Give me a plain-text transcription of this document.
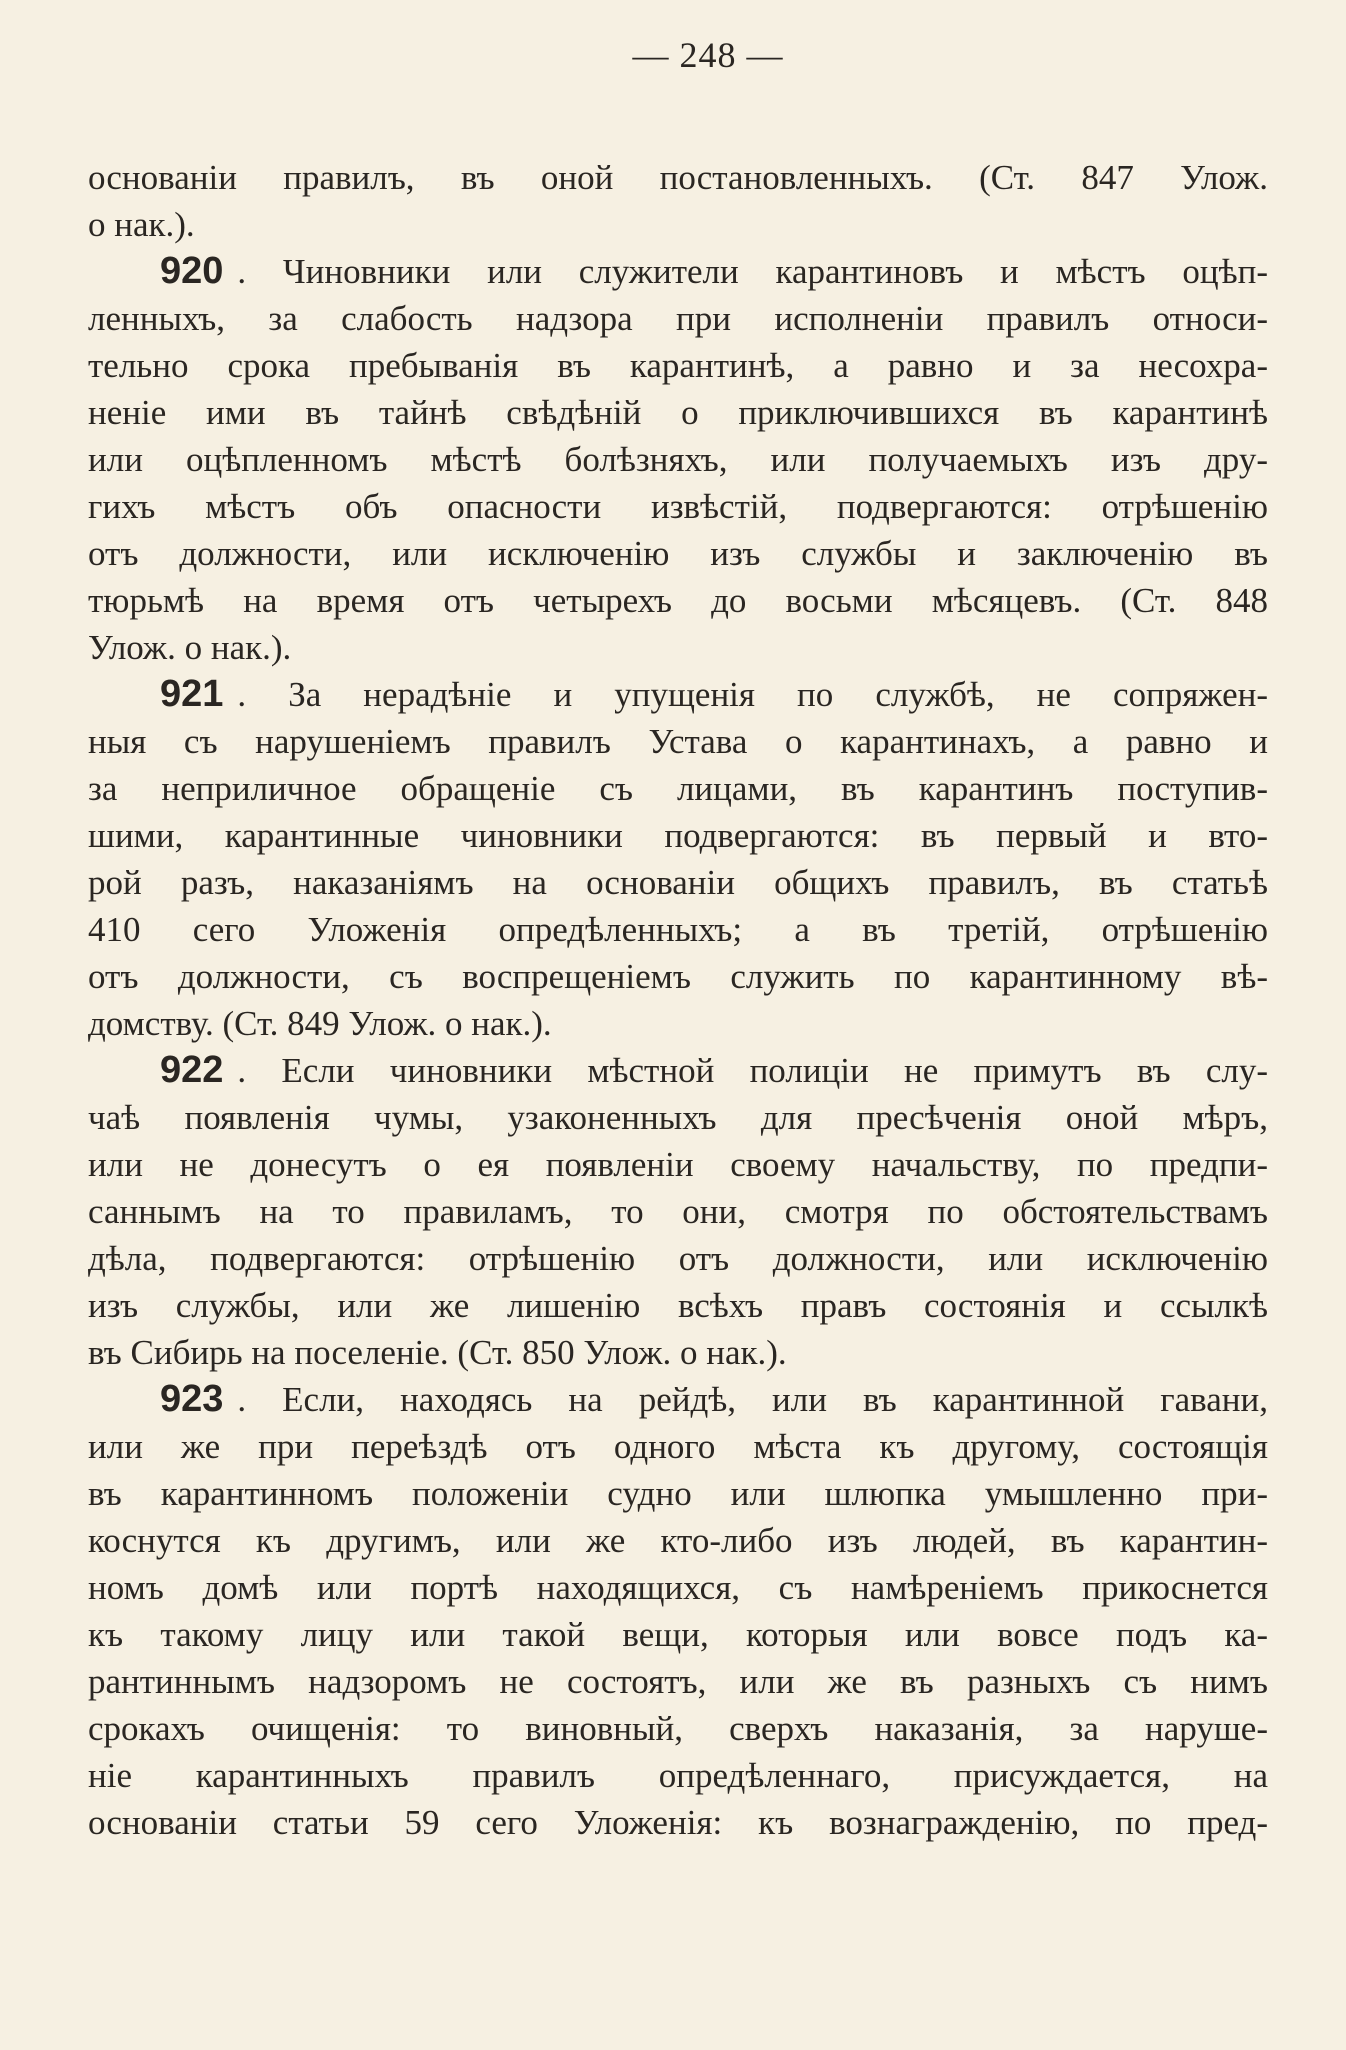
— 248 —
основанiи правилъ, въ оной постановленныхъ. (Ст. 847 Улож.
о нак.).
920 . Чиновники или служители карантиновъ и мѣстъ оцѣп-
ленныхъ, за слабость надзора при исполненiи правилъ относи-
тельно срока пребыванiя въ карантинѣ, а равно и за несохра-
ненiе ими въ тайнѣ свѣдѣнiй о приключившихся въ карантинѣ
или оцѣпленномъ мѣстѣ болѣзняхъ, или получаемыхъ изъ дру-
гихъ мѣстъ объ опасности извѣстiй, подвергаются: отрѣшенiю
отъ должности, или исключенiю изъ службы и заключенiю въ
тюрьмѣ на время отъ четырехъ до восьми мѣсяцевъ. (Ст. 848
Улож. о нак.).
921 . За нерадѣнiе и упущенiя по службѣ, не сопряжен-
ныя съ нарушенiемъ правилъ Устава о карантинахъ, а равно и
за неприличное обращенiе съ лицами, въ карантинъ поступив-
шими, карантинные чиновники подвергаются: въ первый и вто-
рой разъ, наказанiямъ на основанiи общихъ правилъ, въ статьѣ
410 сего Уложенiя опредѣленныхъ; а въ третiй, отрѣшенiю
отъ должности, съ воспрещенiемъ служить по карантинному вѣ-
домству. (Ст. 849 Улож. о нак.).
922 . Если чиновники мѣстной полицiи не примутъ въ слу-
чаѣ появленiя чумы, узаконенныхъ для пресѣченiя оной мѣръ,
или не донесутъ о ея появленiи своему начальству, по предпи-
саннымъ на то правиламъ, то они, смотря по обстоятельствамъ
дѣла, подвергаются: отрѣшенiю отъ должности, или исключенiю
изъ службы, или же лишенiю всѣхъ правъ состоянiя и ссылкѣ
въ Сибирь на поселенiе. (Ст. 850 Улож. о нак.).
923 . Если, находясь на рейдѣ, или въ карантинной гавани,
или же при переѣздѣ отъ одного мѣста къ другому, состоящiя
въ карантинномъ положенiи судно или шлюпка умышленно при-
коснутся къ другимъ, или же кто-либо изъ людей, въ карантин-
номъ домѣ или портѣ находящихся, съ намѣренiемъ прикоснется
къ такому лицу или такой вещи, которыя или вовсе подъ ка-
рантиннымъ надзоромъ не состоятъ, или же въ разныхъ съ нимъ
срокахъ очищенiя: то виновный, сверхъ наказанiя, за наруше-
нiе карантинныхъ правилъ опредѣленнаго, присуждается, на
основанiи статьи 59 сего Уложенiя: къ вознагражденiю, по пред-
